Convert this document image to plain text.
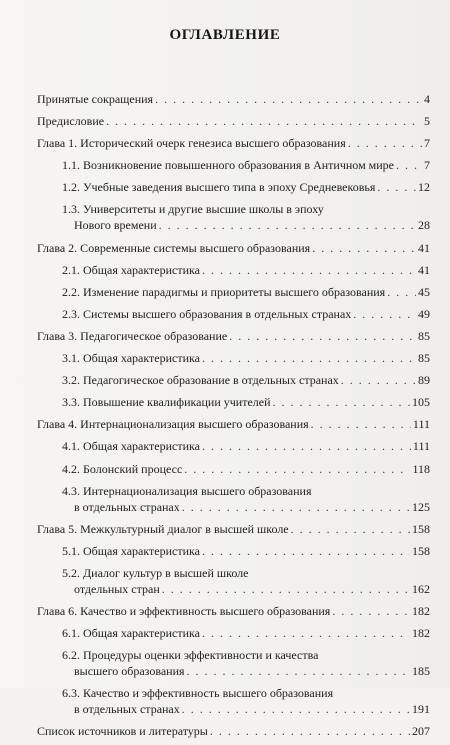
ОГЛАВЛЕНИЕ
Принятые сокращения . . .	4
Предисловие . . .	5
Глава 1. Исторический очерк генезиса высшего образования . . .	7
1.1. Возникновение повышенного образования в Античном мире . . .	7
1.2. Учебные заведения высшего типа в эпоху Средневековья . . .	12
1.3. Университеты и другие высшие школы в эпоху
Нового времени . . .	28
Глава 2. Современные системы высшего образования . . .	41
2.1. Общая характеристика . . .	41
2.2. Изменение парадигмы и приоритеты высшего образования . . .	45
2.3. Системы высшего образования в отдельных странах . . .	49
Глава 3. Педагогическое образование . . .	85
3.1. Общая характеристика . . .	85
3.2. Педагогическое образование в отдельных странах . . .	89
3.3. Повышение квалификации учителей . . .	105
Глава 4. Интернационализация высшего образования . . .	111
4.1. Общая характеристика . . .	111
4.2. Болонский процесс . . .	118
4.3. Интернационализация высшего образования
в отдельных странах . . .	125
Глава 5. Межкультурный диалог в высшей школе . . .	158
5.1. Общая характеристика . . .	158
5.2. Диалог культур в высшей школе
отдельных стран . . .	162
Глава 6. Качество и эффективность высшего образования . . .	182
6.1. Общая характеристика . . .	182
6.2. Процедуры оценки эффективности и качества
высшего образования . . .	185
6.3. Качество и эффективность высшего образования
в отдельных странах . . .	191
Список источников и литературы . . .	207
